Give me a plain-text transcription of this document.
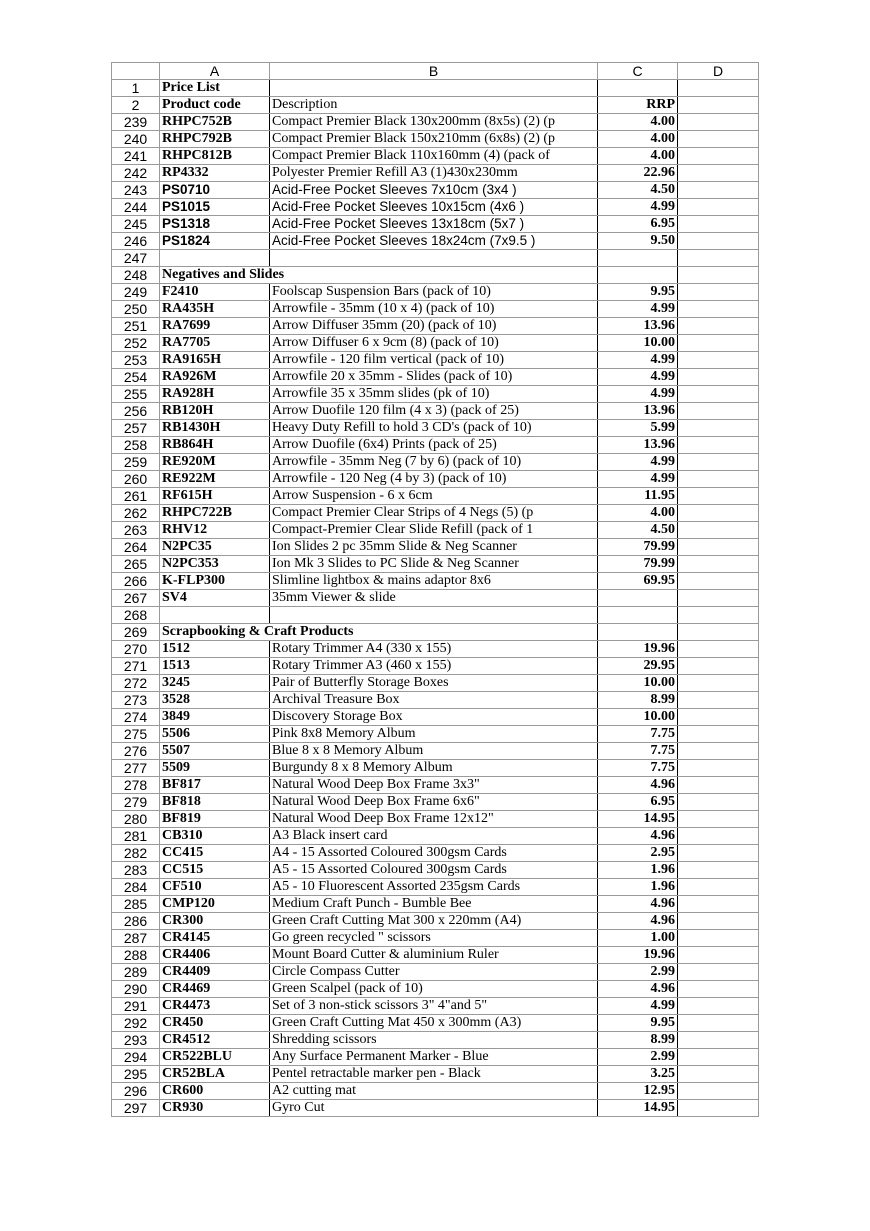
	A	B	C	D
1	Price List			
2	Product code	Description	RRP	
239	RHPC752B	Compact Premier Black 130x200mm (8x5s) (2) (p	4.00	
240	RHPC792B	Compact Premier Black 150x210mm (6x8s) (2) (p	4.00	
241	RHPC812B	Compact Premier Black 110x160mm (4) (pack of	4.00	
242	RP4332	Polyester Premier Refill A3 (1)430x230mm	22.96	
243	PS0710	Acid-Free Pocket Sleeves 7x10cm (3x4 )	4.50	
244	PS1015	Acid-Free Pocket Sleeves 10x15cm (4x6 )	4.99	
245	PS1318	Acid-Free Pocket Sleeves 13x18cm (5x7 )	6.95	
246	PS1824	Acid-Free Pocket Sleeves 18x24cm (7x9.5 )	9.50	
247				
248	Negatives and Slides			
249	F2410	Foolscap Suspension Bars (pack of 10)	9.95	
250	RA435H	Arrowfile - 35mm (10 x 4) (pack of 10)	4.99	
251	RA7699	Arrow Diffuser 35mm (20) (pack of 10)	13.96	
252	RA7705	Arrow Diffuser 6 x 9cm (8) (pack of 10)	10.00	
253	RA9165H	Arrowfile - 120 film vertical (pack of 10)	4.99	
254	RA926M	Arrowfile 20 x 35mm - Slides (pack of 10)	4.99	
255	RA928H	Arrowfile 35 x 35mm slides (pk of 10)	4.99	
256	RB120H	Arrow Duofile 120 film (4 x 3) (pack of 25)	13.96	
257	RB1430H	Heavy Duty Refill to hold 3 CD's (pack of 10)	5.99	
258	RB864H	Arrow Duofile (6x4) Prints (pack of 25)	13.96	
259	RE920M	Arrowfile - 35mm Neg (7 by 6) (pack of 10)	4.99	
260	RE922M	Arrowfile - 120 Neg (4 by 3) (pack of 10)	4.99	
261	RF615H	Arrow Suspension - 6 x 6cm	11.95	
262	RHPC722B	Compact Premier Clear Strips of 4 Negs (5) (p	4.00	
263	RHV12	Compact-Premier Clear Slide Refill (pack of 1	4.50	
264	N2PC35	Ion Slides 2 pc 35mm Slide & Neg Scanner	79.99	
265	N2PC353	Ion Mk 3 Slides to PC Slide & Neg Scanner	79.99	
266	K-FLP300	Slimline lightbox & mains adaptor 8x6	69.95	
267	SV4	35mm Viewer & slide		
268				
269	Scrapbooking & Craft Products			
270	1512	Rotary Trimmer A4 (330 x 155)	19.96	
271	1513	Rotary Trimmer A3 (460 x 155)	29.95	
272	3245	Pair of Butterfly Storage Boxes	10.00	
273	3528	Archival Treasure Box	8.99	
274	3849	Discovery Storage Box	10.00	
275	5506	Pink 8x8 Memory Album	7.75	
276	5507	Blue 8 x 8 Memory Album	7.75	
277	5509	Burgundy 8 x 8 Memory Album	7.75	
278	BF817	Natural Wood Deep Box Frame 3x3"	4.96	
279	BF818	Natural Wood Deep Box Frame 6x6"	6.95	
280	BF819	Natural Wood Deep Box Frame 12x12"	14.95	
281	CB310	A3 Black insert card	4.96	
282	CC415	A4 - 15 Assorted Coloured 300gsm Cards	2.95	
283	CC515	A5 - 15 Assorted Coloured 300gsm Cards	1.96	
284	CF510	A5 - 10 Fluorescent Assorted 235gsm Cards	1.96	
285	CMP120	Medium Craft Punch - Bumble Bee	4.96	
286	CR300	Green Craft Cutting Mat 300 x 220mm (A4)	4.96	
287	CR4145	Go green recycled " scissors	1.00	
288	CR4406	Mount Board Cutter & aluminium Ruler	19.96	
289	CR4409	Circle Compass Cutter	2.99	
290	CR4469	Green Scalpel (pack of 10)	4.96	
291	CR4473	Set of 3 non-stick scissors 3" 4"and 5"	4.99	
292	CR450	Green Craft Cutting Mat 450 x 300mm (A3)	9.95	
293	CR4512	Shredding scissors	8.99	
294	CR522BLU	Any Surface Permanent Marker - Blue	2.99	
295	CR52BLA	Pentel retractable marker pen - Black	3.25	
296	CR600	A2 cutting mat	12.95	
297	CR930	Gyro Cut	14.95	
